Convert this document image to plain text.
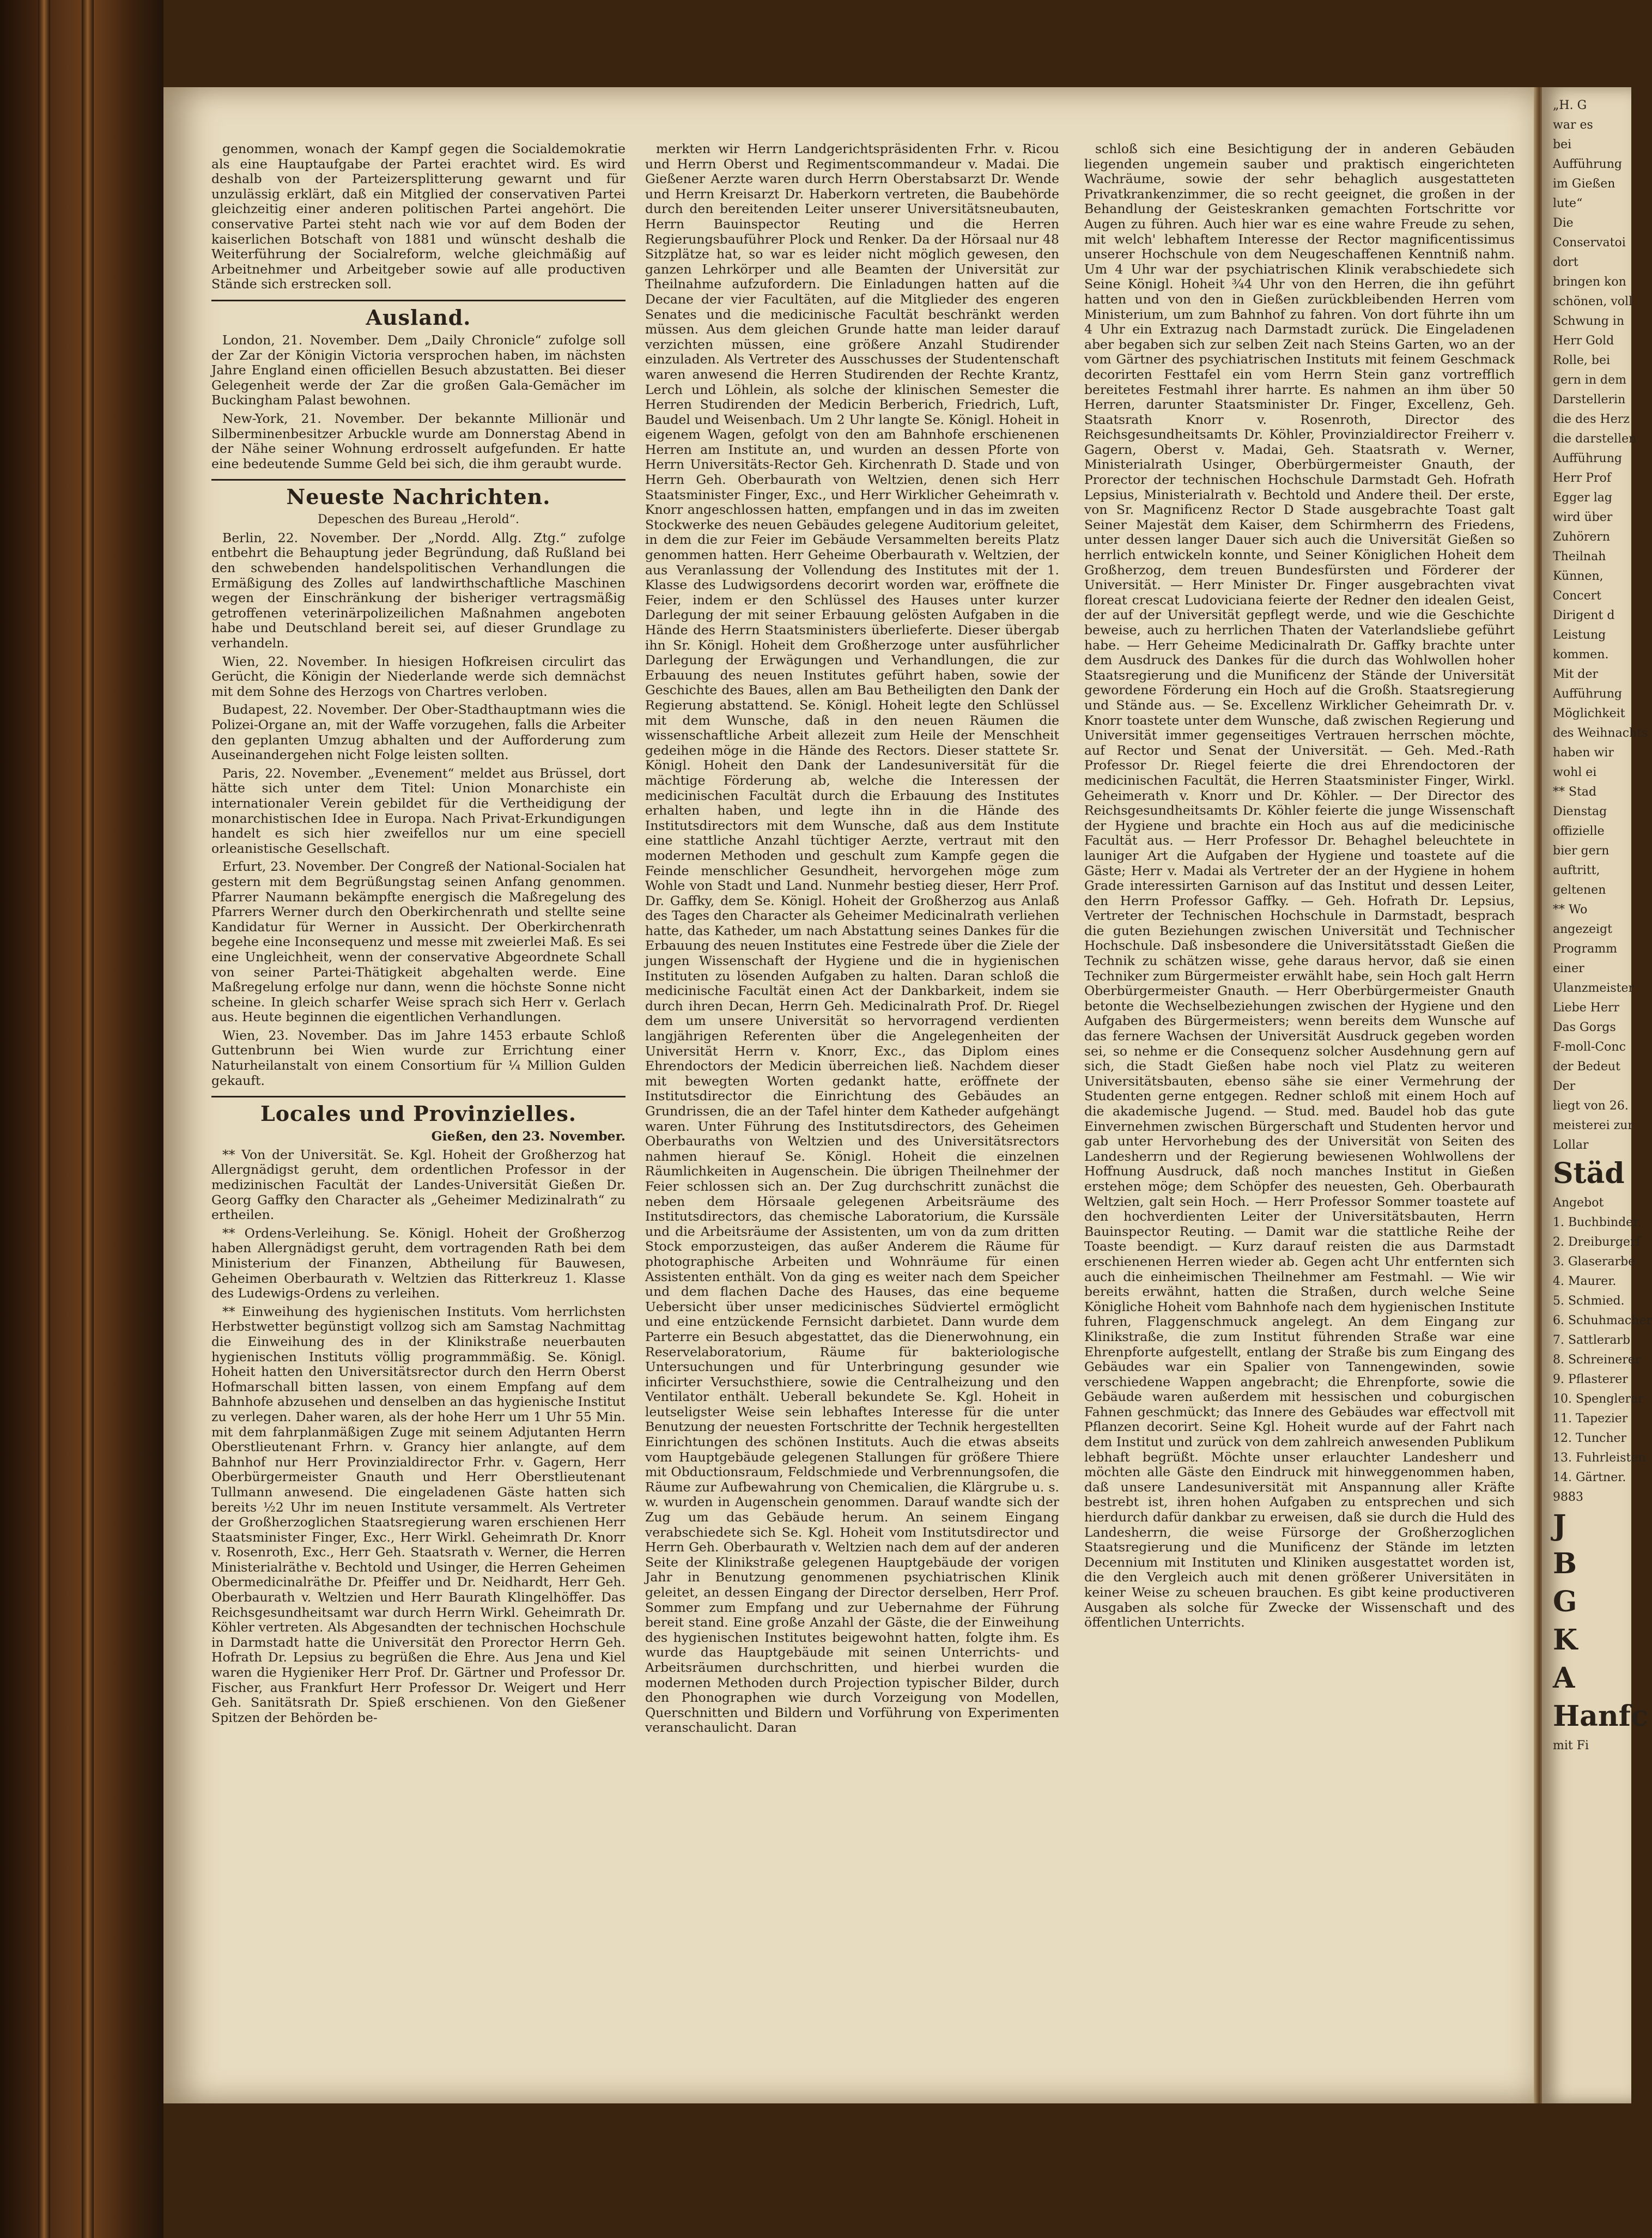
genommen, wonach der Kampf gegen die Socialdemokratie als eine Hauptaufgabe der Partei erachtet wird. Es wird deshalb von der Parteizersplitterung gewarnt und für unzulässig erklärt, daß ein Mitglied der conservativen Partei gleichzeitig einer anderen politischen Partei angehört. Die conservative Partei steht nach wie vor auf dem Boden der kaiserlichen Botschaft von 1881 und wünscht deshalb die Weiterführung der Socialreform, welche gleichmäßig auf Arbeitnehmer und Arbeitgeber sowie auf alle productiven Stände sich erstrecken soll.

Ausland.

London, 21. November. Dem „Daily Chronicle“ zufolge soll der Zar der Königin Victoria versprochen haben, im nächsten Jahre England einen officiellen Besuch abzustatten. Bei dieser Gelegenheit werde der Zar die großen Gala-Gemächer im Buckingham Palast bewohnen.

New-York, 21. November. Der bekannte Millionär und Silberminenbesitzer Arbuckle wurde am Donnerstag Abend in der Nähe seiner Wohnung erdrosselt aufgefunden. Er hatte eine bedeutende Summe Geld bei sich, die ihm geraubt wurde.

Neueste Nachrichten.

Depeschen des Bureau „Herold“.

Berlin, 22. November. Der „Nordd. Allg. Ztg.“ zufolge entbehrt die Behauptung jeder Begründung, daß Rußland bei den schwebenden handelspolitischen Verhandlungen die Ermäßigung des Zolles auf landwirthschaftliche Maschinen wegen der Einschränkung der bisheriger vertragsmäßig getroffenen veterinärpolizeilichen Maßnahmen angeboten habe und Deutschland bereit sei, auf dieser Grundlage zu verhandeln.

Wien, 22. November. In hiesigen Hofkreisen circulirt das Gerücht, die Königin der Niederlande werde sich demnächst mit dem Sohne des Herzogs von Chartres verloben.

Budapest, 22. November. Der Ober-Stadthauptmann wies die Polizei-Organe an, mit der Waffe vorzugehen, falls die Arbeiter den geplanten Umzug abhalten und der Aufforderung zum Auseinandergehen nicht Folge leisten sollten.

Paris, 22. November. „Evenement“ meldet aus Brüssel, dort hätte sich unter dem Titel: Union Monarchiste ein internationaler Verein gebildet für die Vertheidigung der monarchistischen Idee in Europa. Nach Privat-Erkundigungen handelt es sich hier zweifellos nur um eine speciell orleanistische Gesellschaft.

Erfurt, 23. November. Der Congreß der National-Socialen hat gestern mit dem Begrüßungstag seinen Anfang genommen. Pfarrer Naumann bekämpfte energisch die Maßregelung des Pfarrers Werner durch den Oberkirchenrath und stellte seine Kandidatur für Werner in Aussicht. Der Oberkirchenrath begehe eine Inconsequenz und messe mit zweierlei Maß. Es sei eine Ungleichheit, wenn der conservative Abgeordnete Schall von seiner Partei-Thätigkeit abgehalten werde. Eine Maßregelung erfolge nur dann, wenn die höchste Sonne nicht scheine. In gleich scharfer Weise sprach sich Herr v. Gerlach aus. Heute beginnen die eigentlichen Verhandlungen.

Wien, 23. November. Das im Jahre 1453 erbaute Schloß Guttenbrunn bei Wien wurde zur Errichtung einer Naturheilanstalt von einem Consortium für ¼ Million Gulden gekauft.

Locales und Provinzielles.

Gießen, den 23. November.

** Von der Universität. Se. Kgl. Hoheit der Großherzog hat Allergnädigst geruht, dem ordentlichen Professor in der medizinischen Facultät der Landes-Universität Gießen Dr. Georg Gaffky den Character als „Geheimer Medizinalrath“ zu ertheilen.

** Ordens-Verleihung. Se. Königl. Hoheit der Großherzog haben Allergnädigst geruht, dem vortragenden Rath bei dem Ministerium der Finanzen, Abtheilung für Bauwesen, Geheimen Oberbaurath v. Weltzien das Ritterkreuz 1. Klasse des Ludewigs-Ordens zu verleihen.

** Einweihung des hygienischen Instituts. Vom herrlichsten Herbstwetter begünstigt vollzog sich am Samstag Nachmittag die Einweihung des in der Klinikstraße neuerbauten hygienischen Instituts völlig programmmäßig. Se. Königl. Hoheit hatten den Universitätsrector durch den Herrn Oberst Hofmarschall bitten lassen, von einem Empfang auf dem Bahnhofe abzusehen und denselben an das hygienische Institut zu verlegen. Daher waren, als der hohe Herr um 1 Uhr 55 Min. mit dem fahrplanmäßigen Zuge mit seinem Adjutanten Herrn Oberstlieutenant Frhrn. v. Grancy hier anlangte, auf dem Bahnhof nur Herr Provinzialdirector Frhr. v. Gagern, Herr Oberbürgermeister Gnauth und Herr Oberstlieutenant Tullmann anwesend. Die eingeladenen Gäste hatten sich bereits ½2 Uhr im neuen Institute versammelt. Als Vertreter der Großherzoglichen Staatsregierung waren erschienen Herr Staatsminister Finger, Exc., Herr Wirkl. Geheimrath Dr. Knorr v. Rosenroth, Exc., Herr Geh. Staatsrath v. Werner, die Herren Ministerialräthe v. Bechtold und Usinger, die Herren Geheimen Obermedicinalräthe Dr. Pfeiffer und Dr. Neidhardt, Herr Geh. Oberbaurath v. Weltzien und Herr Baurath Klingelhöffer. Das Reichsgesundheitsamt war durch Herrn Wirkl. Geheimrath Dr. Köhler vertreten. Als Abgesandten der technischen Hochschule in Darmstadt hatte die Universität den Prorector Herrn Geh. Hofrath Dr. Lepsius zu begrüßen die Ehre. Aus Jena und Kiel waren die Hygieniker Herr Prof. Dr. Gärtner und Professor Dr. Fischer, aus Frankfurt Herr Professor Dr. Weigert und Herr Geh. Sanitätsrath Dr. Spieß erschienen. Von den Gießener Spitzen der Behörden be-

merkten wir Herrn Landgerichtspräsidenten Frhr. v. Ricou und Herrn Oberst und Regimentscommandeur v. Madai. Die Gießener Aerzte waren durch Herrn Oberstabsarzt Dr. Wende und Herrn Kreisarzt Dr. Haberkorn vertreten, die Baubehörde durch den bereitenden Leiter unserer Universitätsneubauten, Herrn Bauinspector Reuting und die Herren Regierungsbauführer Plock und Renker. Da der Hörsaal nur 48 Sitzplätze hat, so war es leider nicht möglich gewesen, den ganzen Lehrkörper und alle Beamten der Universität zur Theilnahme aufzufordern. Die Einladungen hatten auf die Decane der vier Facultäten, auf die Mitglieder des engeren Senates und die medicinische Facultät beschränkt werden müssen. Aus dem gleichen Grunde hatte man leider darauf verzichten müssen, eine größere Anzahl Studirender einzuladen. Als Vertreter des Ausschusses der Studentenschaft waren anwesend die Herren Studirenden der Rechte Krantz, Lerch und Löhlein, als solche der klinischen Semester die Herren Studirenden der Medicin Berberich, Friedrich, Luft, Baudel und Weisenbach. Um 2 Uhr langte Se. Königl. Hoheit in eigenem Wagen, gefolgt von den am Bahnhofe erschienenen Herren am Institute an, und wurden an dessen Pforte von Herrn Universitäts-Rector Geh. Kirchenrath D. Stade und von Herrn Geh. Oberbaurath von Weltzien, denen sich Herr Staatsminister Finger, Exc., und Herr Wirklicher Geheimrath v. Knorr angeschlossen hatten, empfangen und in das im zweiten Stockwerke des neuen Gebäudes gelegene Auditorium geleitet, in dem die zur Feier im Gebäude Versammelten bereits Platz genommen hatten. Herr Geheime Oberbaurath v. Weltzien, der aus Veranlassung der Vollendung des Institutes mit der 1. Klasse des Ludwigsordens decorirt worden war, eröffnete die Feier, indem er den Schlüssel des Hauses unter kurzer Darlegung der mit seiner Erbauung gelösten Aufgaben in die Hände des Herrn Staatsministers überlieferte. Dieser übergab ihn Sr. Königl. Hoheit dem Großherzoge unter ausführlicher Darlegung der Erwägungen und Verhandlungen, die zur Erbauung des neuen Institutes geführt haben, sowie der Geschichte des Baues, allen am Bau Betheiligten den Dank der Regierung abstattend. Se. Königl. Hoheit legte den Schlüssel mit dem Wunsche, daß in den neuen Räumen die wissenschaftliche Arbeit allezeit zum Heile der Menschheit gedeihen möge in die Hände des Rectors. Dieser stattete Sr. Königl. Hoheit den Dank der Landesuniversität für die mächtige Förderung ab, welche die Interessen der medicinischen Facultät durch die Erbauung des Institutes erhalten haben, und legte ihn in die Hände des Institutsdirectors mit dem Wunsche, daß aus dem Institute eine stattliche Anzahl tüchtiger Aerzte, vertraut mit den modernen Methoden und geschult zum Kampfe gegen die Feinde menschlicher Gesundheit, hervorgehen möge zum Wohle von Stadt und Land. Nunmehr bestieg dieser, Herr Prof. Dr. Gaffky, dem Se. Königl. Hoheit der Großherzog aus Anlaß des Tages den Character als Geheimer Medicinalrath verliehen hatte, das Katheder, um nach Abstattung seines Dankes für die Erbauung des neuen Institutes eine Festrede über die Ziele der jungen Wissenschaft der Hygiene und die in hygienischen Instituten zu lösenden Aufgaben zu halten. Daran schloß die medicinische Facultät einen Act der Dankbarkeit, indem sie durch ihren Decan, Herrn Geh. Medicinalrath Prof. Dr. Riegel dem um unsere Universität so hervorragend verdienten langjährigen Referenten über die Angelegenheiten der Universität Herrn v. Knorr, Exc., das Diplom eines Ehrendoctors der Medicin überreichen ließ. Nachdem dieser mit bewegten Worten gedankt hatte, eröffnete der Institutsdirector die Einrichtung des Gebäudes an Grundrissen, die an der Tafel hinter dem Katheder aufgehängt waren. Unter Führung des Institutsdirectors, des Geheimen Oberbauraths von Weltzien und des Universitätsrectors nahmen hierauf Se. Königl. Hoheit die einzelnen Räumlichkeiten in Augenschein. Die übrigen Theilnehmer der Feier schlossen sich an. Der Zug durchschritt zunächst die neben dem Hörsaale gelegenen Arbeitsräume des Institutsdirectors, das chemische Laboratorium, die Kurssäle und die Arbeitsräume der Assistenten, um von da zum dritten Stock emporzusteigen, das außer Anderem die Räume für photographische Arbeiten und Wohnräume für einen Assistenten enthält. Von da ging es weiter nach dem Speicher und dem flachen Dache des Hauses, das eine bequeme Uebersicht über unser medicinisches Südviertel ermöglicht und eine entzückende Fernsicht darbietet. Dann wurde dem Parterre ein Besuch abgestattet, das die Dienerwohnung, ein Reservelaboratorium, Räume für bakteriologische Untersuchungen und für Unterbringung gesunder wie inficirter Versuchsthiere, sowie die Centralheizung und den Ventilator enthält. Ueberall bekundete Se. Kgl. Hoheit in leutseligster Weise sein lebhaftes Interesse für die unter Benutzung der neuesten Fortschritte der Technik hergestellten Einrichtungen des schönen Instituts. Auch die etwas abseits vom Hauptgebäude gelegenen Stallungen für größere Thiere mit Obductionsraum, Feldschmiede und Verbrennungsofen, die Räume zur Aufbewahrung von Chemicalien, die Klärgrube u. s. w. wurden in Augenschein genommen. Darauf wandte sich der Zug um das Gebäude herum. An seinem Eingang verabschiedete sich Se. Kgl. Hoheit vom Institutsdirector und Herrn Geh. Oberbaurath v. Weltzien nach dem auf der anderen Seite der Klinikstraße gelegenen Hauptgebäude der vorigen Jahr in Benutzung genommenen psychiatrischen Klinik geleitet, an dessen Eingang der Director derselben, Herr Prof. Sommer zum Empfang und zur Uebernahme der Führung bereit stand. Eine große Anzahl der Gäste, die der Einweihung des hygienischen Institutes beigewohnt hatten, folgte ihm. Es wurde das Hauptgebäude mit seinen Unterrichts- und Arbeitsräumen durchschritten, und hierbei wurden die modernen Methoden durch Projection typischer Bilder, durch den Phonographen wie durch Vorzeigung von Modellen, Querschnitten und Bildern und Vorführung von Experimenten veranschaulicht. Daran

schloß sich eine Besichtigung der in anderen Gebäuden liegenden ungemein sauber und praktisch eingerichteten Wachräume, sowie der sehr behaglich ausgestatteten Privatkrankenzimmer, die so recht geeignet, die großen in der Behandlung der Geisteskranken gemachten Fortschritte vor Augen zu führen. Auch hier war es eine wahre Freude zu sehen, mit welch' lebhaftem Interesse der Rector magnificentissimus unserer Hochschule von dem Neugeschaffenen Kenntniß nahm. Um 4 Uhr war der psychiatrischen Klinik verabschiedete sich Seine Königl. Hoheit ¾4 Uhr von den Herren, die ihn geführt hatten und von den in Gießen zurückbleibenden Herren vom Ministerium, um zum Bahnhof zu fahren. Von dort führte ihn um 4 Uhr ein Extrazug nach Darmstadt zurück. Die Eingeladenen aber begaben sich zur selben Zeit nach Steins Garten, wo an der vom Gärtner des psychiatrischen Instituts mit feinem Geschmack decorirten Festtafel ein vom Herrn Stein ganz vortrefflich bereitetes Festmahl ihrer harrte. Es nahmen an ihm über 50 Herren, darunter Staatsminister Dr. Finger, Excellenz, Geh. Staatsrath Knorr v. Rosenroth, Director des Reichsgesundheitsamts Dr. Köhler, Provinzialdirector Freiherr v. Gagern, Oberst v. Madai, Geh. Staatsrath v. Werner, Ministerialrath Usinger, Oberbürgermeister Gnauth, der Prorector der technischen Hochschule Darmstadt Geh. Hofrath Lepsius, Ministerialrath v. Bechtold und Andere theil. Der erste, von Sr. Magnificenz Rector D Stade ausgebrachte Toast galt Seiner Majestät dem Kaiser, dem Schirmherrn des Friedens, unter dessen langer Dauer sich auch die Universität Gießen so herrlich entwickeln konnte, und Seiner Königlichen Hoheit dem Großherzog, dem treuen Bundesfürsten und Förderer der Universität. — Herr Minister Dr. Finger ausgebrachten vivat floreat crescat Ludoviciana feierte der Redner den idealen Geist, der auf der Universität gepflegt werde, und wie die Geschichte beweise, auch zu herrlichen Thaten der Vaterlandsliebe geführt habe. — Herr Geheime Medicinalrath Dr. Gaffky brachte unter dem Ausdruck des Dankes für die durch das Wohlwollen hoher Staatsregierung und die Munificenz der Stände der Universität gewordene Förderung ein Hoch auf die Großh. Staatsregierung und Stände aus. — Se. Excellenz Wirklicher Geheimrath Dr. v. Knorr toastete unter dem Wunsche, daß zwischen Regierung und Universität immer gegenseitiges Vertrauen herrschen möchte, auf Rector und Senat der Universität. — Geh. Med.-Rath Professor Dr. Riegel feierte die drei Ehrendoctoren der medicinischen Facultät, die Herren Staatsminister Finger, Wirkl. Geheimerath v. Knorr und Dr. Köhler. — Der Director des Reichsgesundheitsamts Dr. Köhler feierte die junge Wissenschaft der Hygiene und brachte ein Hoch aus auf die medicinische Facultät aus. — Herr Professor Dr. Behaghel beleuchtete in launiger Art die Aufgaben der Hygiene und toastete auf die Gäste; Herr v. Madai als Vertreter der an der Hygiene in hohem Grade interessirten Garnison auf das Institut und dessen Leiter, den Herrn Professor Gaffky. — Geh. Hofrath Dr. Lepsius, Vertreter der Technischen Hochschule in Darmstadt, besprach die guten Beziehungen zwischen Universität und Technischer Hochschule. Daß insbesondere die Universitätsstadt Gießen die Technik zu schätzen wisse, gehe daraus hervor, daß sie einen Techniker zum Bürgermeister erwählt habe, sein Hoch galt Herrn Oberbürgermeister Gnauth. — Herr Oberbürgermeister Gnauth betonte die Wechselbeziehungen zwischen der Hygiene und den Aufgaben des Bürgermeisters; wenn bereits dem Wunsche auf das fernere Wachsen der Universität Ausdruck gegeben worden sei, so nehme er die Consequenz solcher Ausdehnung gern auf sich, die Stadt Gießen habe noch viel Platz zu weiteren Universitätsbauten, ebenso sähe sie einer Vermehrung der Studenten gerne entgegen. Redner schloß mit einem Hoch auf die akademische Jugend. — Stud. med. Baudel hob das gute Einvernehmen zwischen Bürgerschaft und Studenten hervor und gab unter Hervorhebung des der Universität von Seiten des Landesherrn und der Regierung bewiesenen Wohlwollens der Hoffnung Ausdruck, daß noch manches Institut in Gießen erstehen möge; dem Schöpfer des neuesten, Geh. Oberbaurath Weltzien, galt sein Hoch. — Herr Professor Sommer toastete auf den hochverdienten Leiter der Universitätsbauten, Herrn Bauinspector Reuting. — Damit war die stattliche Reihe der Toaste beendigt. — Kurz darauf reisten die aus Darmstadt erschienenen Herren wieder ab. Gegen acht Uhr entfernten sich auch die einheimischen Theilnehmer am Festmahl. — Wie wir bereits erwähnt, hatten die Straßen, durch welche Seine Königliche Hoheit vom Bahnhofe nach dem hygienischen Institute fuhren, Flaggenschmuck angelegt. An dem Eingang zur Klinikstraße, die zum Institut führenden Straße war eine Ehrenpforte aufgestellt, entlang der Straße bis zum Eingang des Gebäudes war ein Spalier von Tannengewinden, sowie verschiedene Wappen angebracht; die Ehrenpforte, sowie die Gebäude waren außerdem mit hessischen und coburgischen Fahnen geschmückt; das Innere des Gebäudes war effectvoll mit Pflanzen decorirt. Seine Kgl. Hoheit wurde auf der Fahrt nach dem Institut und zurück von dem zahlreich anwesenden Publikum lebhaft begrüßt. Möchte unser erlauchter Landesherr und möchten alle Gäste den Eindruck mit hinweggenommen haben, daß unsere Landesuniversität mit Anspannung aller Kräfte bestrebt ist, ihren hohen Aufgaben zu entsprechen und sich hierdurch dafür dankbar zu erweisen, daß sie durch die Huld des Landesherrn, die weise Fürsorge der Großherzoglichen Staatsregierung und die Munificenz der Stände im letzten Decennium mit Instituten und Kliniken ausgestattet worden ist, die den Vergleich auch mit denen größerer Universitäten in keiner Weise zu scheuen brauchen. Es gibt keine productiveren Ausgaben als solche für Zwecke der Wissenschaft und des öffentlichen Unterrichts.

„H. G
war es
bei
Aufführung
im Gießen
lute“
Die
Conservatoi
dort
bringen kon
schönen, voll
Schwung in
Herr Gold
Rolle, bei
gern in dem
Darstellerin
die des Herz
die darstellen
Aufführung
Herr Prof
Egger lag
wird über
Zuhörern
Theilnah
Künnen,
Concert
Dirigent d
Leistung
kommen.
Mit der
Aufführung
Möglichkeit
des Weihnachts
haben wir
wohl ei
** Stad
Dienstag
offizielle
bier gern
auftritt,
geltenen
** Wo
angezeigt
Programm
einer
Ulanzmeister
Liebe Herr
Das Gorgs
F-moll-Conc
der Bedeut
Der
liegt von 26.
meisterei zur
Lollar
Städ
Angebot
1. Buchbinder.
2. Dreiburgerf
3. Glaserarbe
4. Maurer.
5. Schmied.
6. Schuhmacher
7. Sattlerarb
8. Schreinerer
9. Pflasterer
10. Spenglerar
11. Tapezier
12. Tuncher
13. Fuhrleisten
14. Gärtner.
9883
J
B
G
K
A
Hanfc
mit Fi
